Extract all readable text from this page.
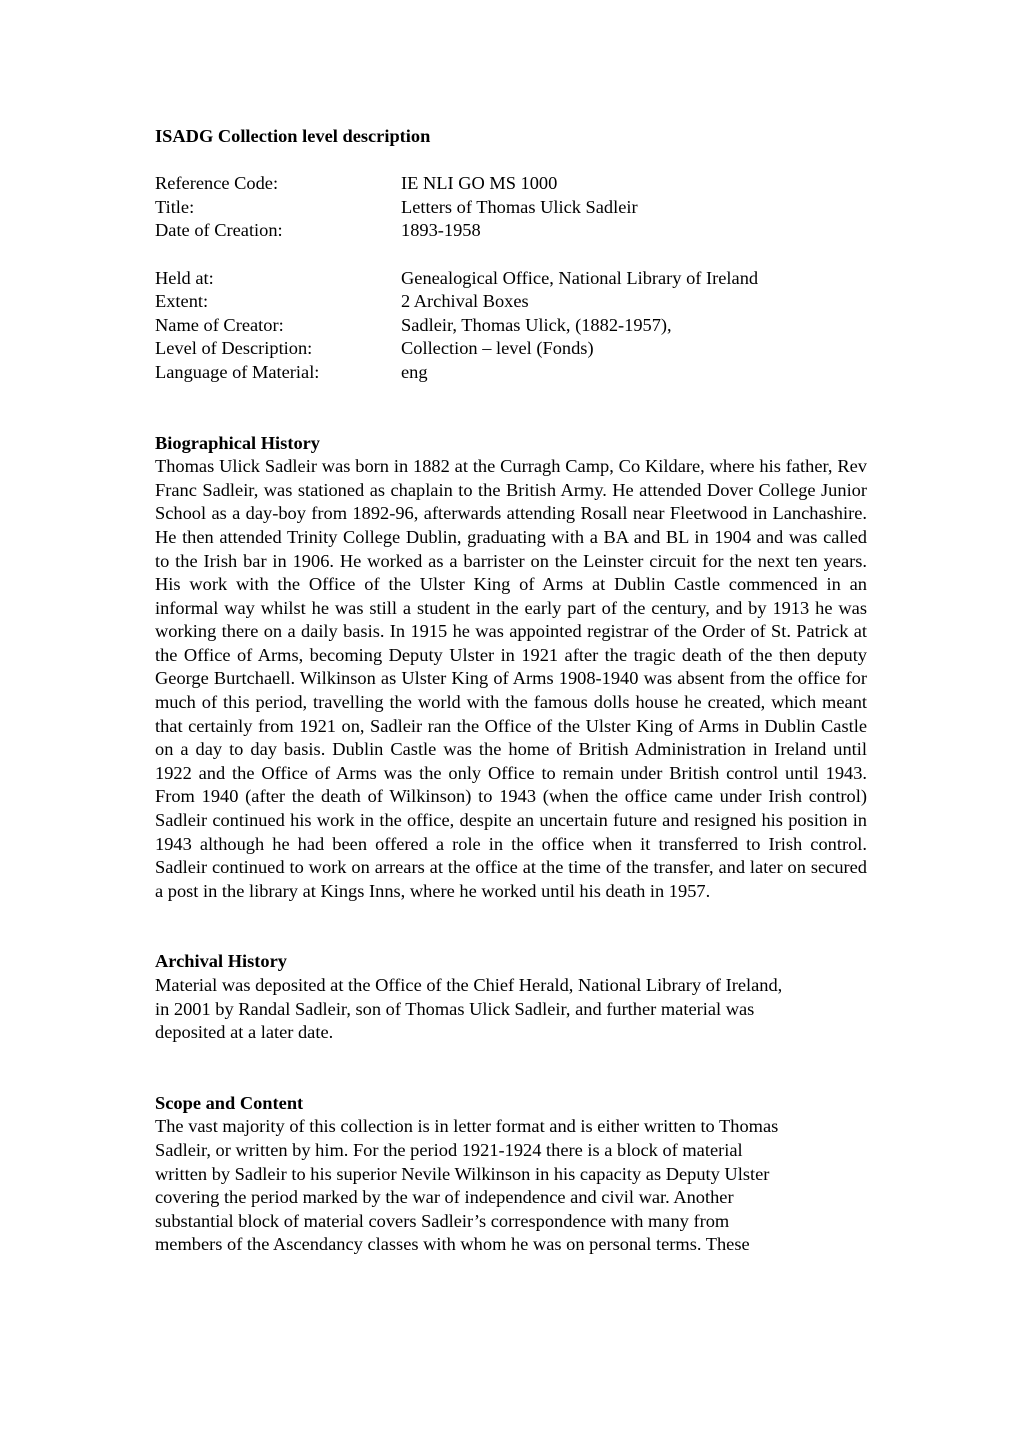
ISADG Collection level description

Reference Code:	IE NLI GO MS 1000
Title:	Letters of Thomas Ulick Sadleir
Date of Creation:	1893-1958
Held at:	Genealogical Office, National Library of Ireland
Extent:	2 Archival Boxes
Name of Creator:	Sadleir, Thomas Ulick, (1882-1957),
Level of Description:	Collection – level (Fonds)
Language of Material:	eng

Biographical History

Thomas Ulick Sadleir was born in 1882 at the Curragh Camp, Co Kildare, where his father, Rev Franc Sadleir, was stationed as chaplain to the British Army. He attended Dover College Junior School as a day-boy from 1892-96, afterwards attending Rosall near Fleetwood in Lanchashire. He then attended Trinity College Dublin, graduating with a BA and BL in 1904 and was called to the Irish bar in 1906. He worked as a barrister on the Leinster circuit for the next ten years. His work with the Office of the Ulster King of Arms at Dublin Castle commenced in an informal way whilst he was still a student in the early part of the century, and by 1913 he was working there on a daily basis. In 1915 he was appointed registrar of the Order of St. Patrick at the Office of Arms, becoming Deputy Ulster in 1921 after the tragic death of the then deputy George Burtchaell. Wilkinson as Ulster King of Arms 1908-1940 was absent from the office for much of this period, travelling the world with the famous dolls house he created, which meant that certainly from 1921 on, Sadleir ran the Office of the Ulster King of Arms in Dublin Castle on a day to day basis. Dublin Castle was the home of British Administration in Ireland until 1922 and the Office of Arms was the only Office to remain under British control until 1943. From 1940 (after the death of Wilkinson) to 1943 (when the office came under Irish control) Sadleir continued his work in the office, despite an uncertain future and resigned his position in 1943 although he had been offered a role in the office when it transferred to Irish control. Sadleir continued to work on arrears at the office at the time of the transfer, and later on secured a post in the library at Kings Inns, where he worked until his death in 1957.

Archival History

Material was deposited at the Office of the Chief Herald, National Library of Ireland,

in 2001 by Randal Sadleir, son of Thomas Ulick Sadleir, and further material was

deposited at a later date.

Scope and Content

The vast majority of this collection is in letter format and is either written to Thomas

Sadleir, or written by him. For the period 1921-1924 there is a block of material

written by Sadleir to his superior Nevile Wilkinson in his capacity as Deputy Ulster

covering the period marked by the war of independence and civil war. Another

substantial block of material covers Sadleir’s correspondence with many from

members of the Ascendancy classes with whom he was on personal terms. These
